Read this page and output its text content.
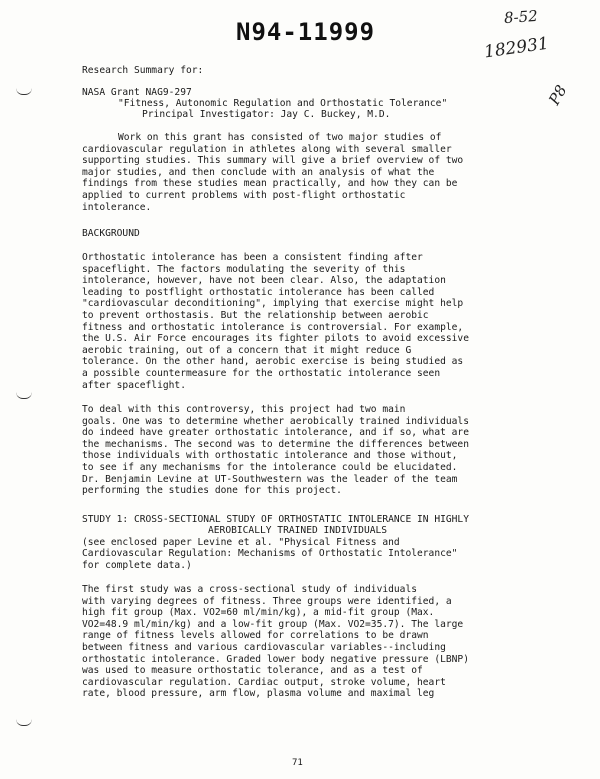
N94-11999
8-52
182931
P8
Research Summary for:
NASA Grant NAG9-297
"Fitness, Autonomic Regulation and Orthostatic Tolerance"
Principal Investigator: Jay C. Buckey, M.D.

Work on this grant has consisted of two major studies of
cardiovascular regulation in athletes along with several smaller
supporting studies. This summary will give a brief overview of two
major studies, and then conclude with an analysis of what the
findings from these studies mean practically, and how they can be
applied to current problems with post-flight orthostatic
intolerance.

BACKGROUND

Orthostatic intolerance has been a consistent finding after
spaceflight. The factors modulating the severity of this
intolerance, however, have not been clear. Also, the adaptation
leading to postflight orthostatic intolerance has been called
"cardiovascular deconditioning", implying that exercise might help
to prevent orthostasis. But the relationship between aerobic
fitness and orthostatic intolerance is controversial. For example,
the U.S. Air Force encourages its fighter pilots to avoid excessive
aerobic training, out of a concern that it might reduce G
tolerance. On the other hand, aerobic exercise is being studied as
a possible countermeasure for the orthostatic intolerance seen
after spaceflight.

To deal with this controversy, this project had two main
goals. One was to determine whether aerobically trained individuals
do indeed have greater orthostatic intolerance, and if so, what are
the mechanisms. The second was to determine the differences between
those individuals with orthostatic intolerance and those without,
to see if any mechanisms for the intolerance could be elucidated.
Dr. Benjamin Levine at UT-Southwestern was the leader of the team
performing the studies done for this project.

STUDY 1: CROSS-SECTIONAL STUDY OF ORTHOSTATIC INTOLERANCE IN HIGHLY
AEROBICALLY TRAINED INDIVIDUALS
(see enclosed paper Levine et al. "Physical Fitness and
Cardiovascular Regulation: Mechanisms of Orthostatic Intolerance"
for complete data.)

The first study was a cross-sectional study of individuals
with varying degrees of fitness. Three groups were identified, a
high fit group (Max. VO2=60 ml/min/kg), a mid-fit group (Max.
VO2=48.9 ml/min/kg) and a low-fit group (Max. VO2=35.7). The large
range of fitness levels allowed for correlations to be drawn
between fitness and various cardiovascular variables--including
orthostatic intolerance. Graded lower body negative pressure (LBNP)
was used to measure orthostatic tolerance, and as a test of
cardiovascular regulation. Cardiac output, stroke volume, heart
rate, blood pressure, arm flow, plasma volume and maximal leg

71
